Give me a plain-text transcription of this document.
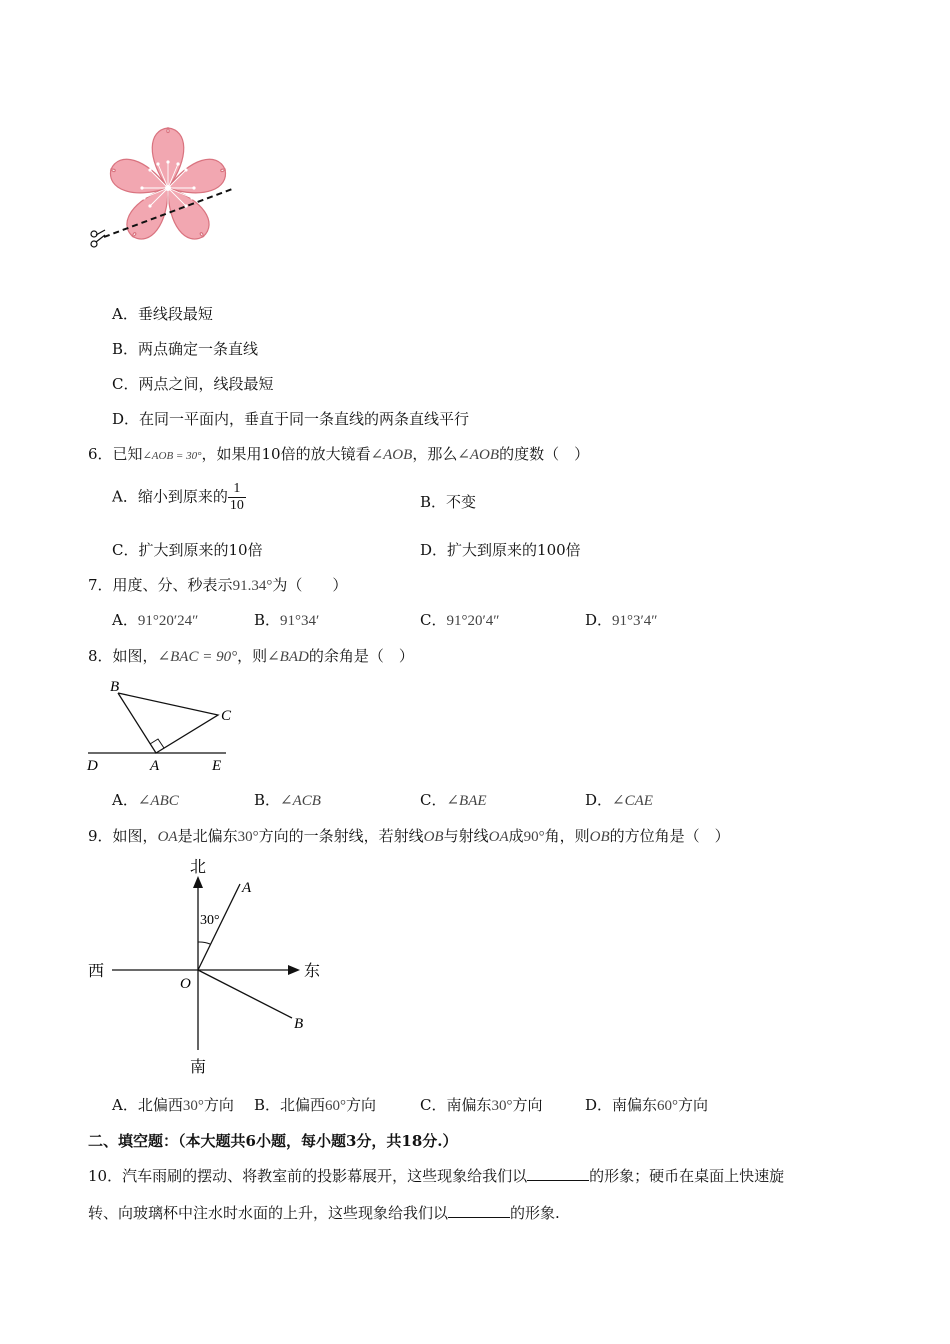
A．垂线段最短
B．两点确定一条直线
C．两点之间，线段最短
D．在同一平面内，垂直于同一条直线的两条直线平行
6．已知∠AOB = 30°，如果用10倍的放大镜看∠AOB，那么∠AOB的度数（　）
A．缩小到原来的 $\frac{1}{10}$	B．不变
C．扩大到原来的10倍	D．扩大到原来的100倍
7．用度、分、秒表示91.34°为（　　）
A．91°20′24″	B．91°34′	C．91°20′4″	D．91°3′4″
8．如图，∠BAC = 90°，则∠BAD的余角是（　）
B
C
D	A	E
A．∠ABC	B．∠ACB	C．∠BAE	D．∠CAE
9．如图，OA是北偏东30°方向的一条射线，若射线OB与射线OA成90°角，则OB的方位角是（　）
北
南
东
西
O
A
B
30°
A．北偏西30°方向 B．北偏西60°方向	C．南偏东30°方向	D．南偏东60°方向
二、填空题：（本大题共6小题，每小题3分，共18分.）
10．汽车雨刷的摆动、将教室前的投影幕展开，这些现象给我们以	的形象；硬币在桌面上快速旋
转、向玻璃杯中注水时水面的上升，这些现象给我们以	的形象.
